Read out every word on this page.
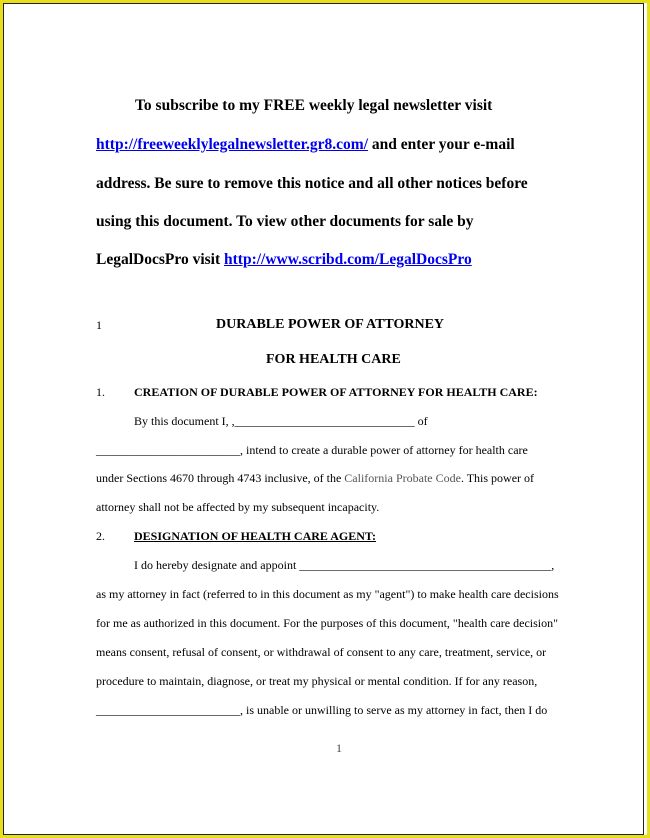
To subscribe to my FREE weekly legal newsletter visit
http://freeweeklylegalnewsletter.gr8.com/ and enter your e-mail
address. Be sure to remove this notice and all other notices before
using this document. To view other documents for sale by
LegalDocsPro visit http://www.scribd.com/LegalDocsPro
1	DURABLE POWER OF ATTORNEY
FOR HEALTH CARE
1. CREATION OF DURABLE POWER OF ATTORNEY FOR HEALTH CARE:
By this document I, ,______________________________ of
________________________, intend to create a durable power of attorney for health care
under Sections 4670 through 4743 inclusive, of the California Probate Code. This power of
attorney shall not be affected by my subsequent incapacity.
2. DESIGNATION OF HEALTH CARE AGENT:
I do hereby designate and appoint __________________________________________,
as my attorney in fact (referred to in this document as my "agent") to make health care decisions
for me as authorized in this document. For the purposes of this document, "health care decision"
means consent, refusal of consent, or withdrawal of consent to any care, treatment, service, or
procedure to maintain, diagnose, or treat my physical or mental condition. If for any reason,
________________________, is unable or unwilling to serve as my attorney in fact, then I do
1
